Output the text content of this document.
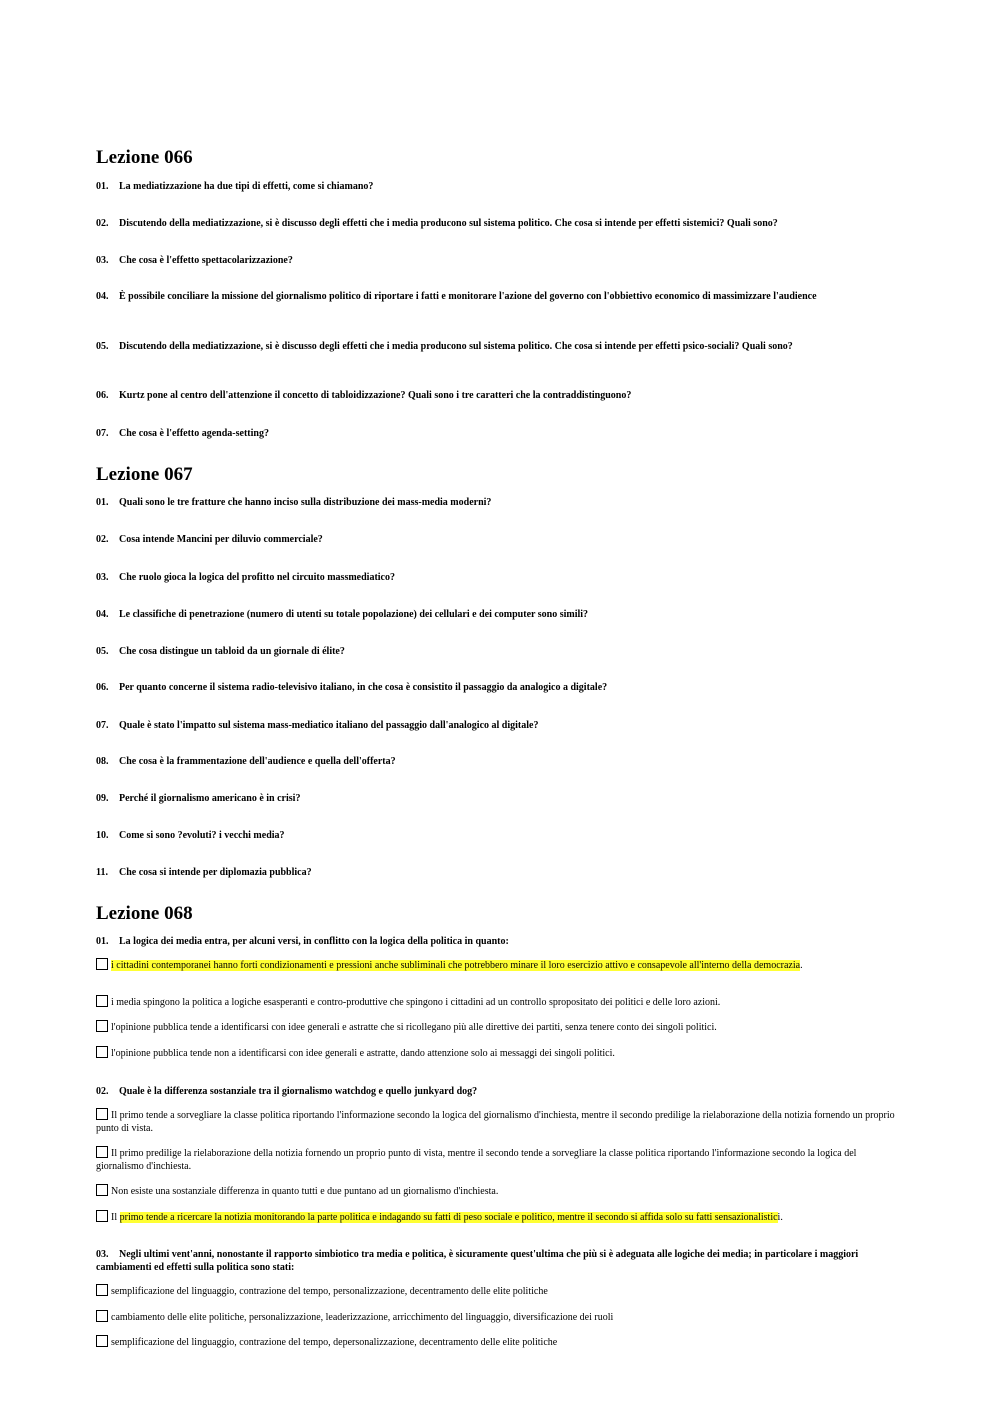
Lezione 066
01. La mediatizzazione ha due tipi di effetti, come si chiamano?
02. Discutendo della mediatizzazione, si è discusso degli effetti che i media producono sul sistema politico. Che cosa si intende per effetti sistemici? Quali sono?
03. Che cosa è l'effetto spettacolarizzazione?
04. È possibile conciliare la missione del giornalismo politico di riportare i fatti e monitorare l'azione del governo con l'obbiettivo economico di massimizzare l'audience
05. Discutendo della mediatizzazione, si è discusso degli effetti che i media producono sul sistema politico. Che cosa si intende per effetti psico-sociali? Quali sono?
06. Kurtz pone al centro dell'attenzione il concetto di tabloidizzazione? Quali sono i tre caratteri che la contraddistinguono?
07. Che cosa è l'effetto agenda-setting?
Lezione 067
01. Quali sono le tre fratture che hanno inciso sulla distribuzione dei mass-media moderni?
02. Cosa intende Mancini per diluvio commerciale?
03. Che ruolo gioca la logica del profitto nel circuito massmediatico?
04. Le classifiche di penetrazione (numero di utenti su totale popolazione) dei cellulari e dei computer sono simili?
05. Che cosa distingue un tabloid da un giornale di élite?
06. Per quanto concerne il sistema radio-televisivo italiano, in che cosa è consistito il passaggio da analogico a digitale?
07. Quale è stato l'impatto sul sistema mass-mediatico italiano del passaggio dall'analogico al digitale?
08. Che cosa è la frammentazione dell'audience e quella dell'offerta?
09. Perché il giornalismo americano è in crisi?
10. Come si sono ?evoluti? i vecchi media?
11. Che cosa si intende per diplomazia pubblica?
Lezione 068
01. La logica dei media entra, per alcuni versi, in conflitto con la logica della politica in quanto:
i cittadini contemporanei hanno forti condizionamenti e pressioni anche subliminali che potrebbero minare il loro esercizio attivo e consapevole all'interno della democrazia.
i media spingono la politica a logiche esasperanti e contro-produttive che spingono i cittadini ad un controllo spropositato dei politici e delle loro azioni.
l'opinione pubblica tende a identificarsi con idee generali e astratte che si ricollegano più alle direttive dei partiti, senza tenere conto dei singoli politici.
l'opinione pubblica tende non a identificarsi con idee generali e astratte, dando attenzione solo ai messaggi dei singoli politici.
02. Quale è la differenza sostanziale tra il giornalismo watchdog e quello junkyard dog?
Il primo tende a sorvegliare la classe politica riportando l'informazione secondo la logica del giornalismo d'inchiesta, mentre il secondo predilige la rielaborazione della notizia fornendo un proprio punto di vista.
Il primo predilige la rielaborazione della notizia fornendo un proprio punto di vista, mentre il secondo tende a sorvegliare la classe politica riportando l'informazione secondo la logica del giornalismo d'inchiesta.
Non esiste una sostanziale differenza in quanto tutti e due puntano ad un giornalismo d'inchiesta.
Il primo tende a ricercare la notizia monitorando la parte politica e indagando su fatti di peso sociale e politico, mentre il secondo si affida solo su fatti sensazionalistici.
03. Negli ultimi vent'anni, nonostante il rapporto simbiotico tra media e politica, è sicuramente quest'ultima che più si è adeguata alle logiche dei media; in particolare i maggiori cambiamenti ed effetti sulla politica sono stati:
semplificazione del linguaggio, contrazione del tempo, personalizzazione, decentramento delle elite politiche
cambiamento delle elite politiche, personalizzazione, leaderizzazione, arricchimento del linguaggio, diversificazione dei ruoli
semplificazione del linguaggio, contrazione del tempo, depersonalizzazione, decentramento delle elite politiche
